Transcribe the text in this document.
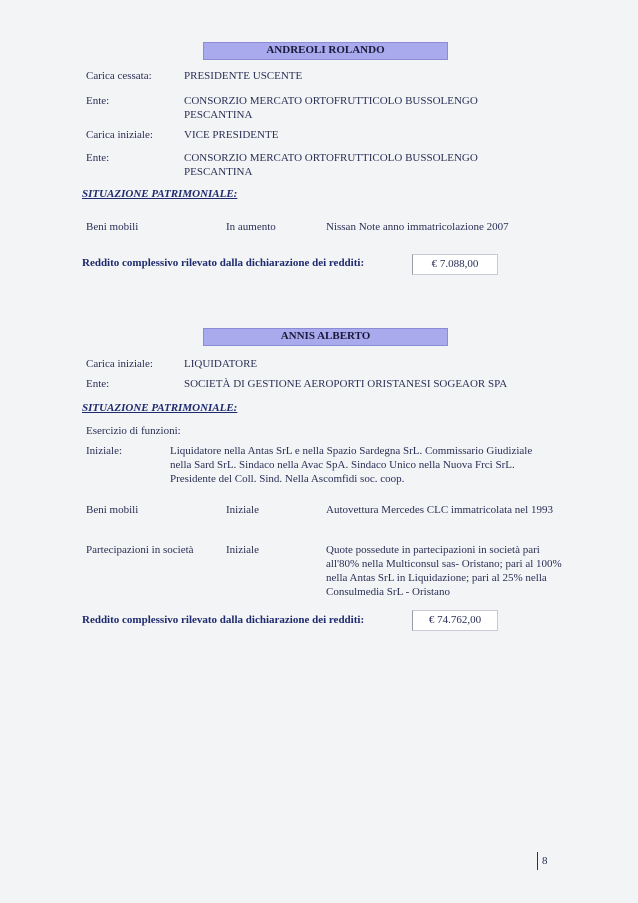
ANDREOLI ROLANDO
Carica cessata:	PRESIDENTE USCENTE
Ente:	CONSORZIO MERCATO ORTOFRUTTICOLO BUSSOLENGO PESCANTINA
Carica iniziale:	VICE PRESIDENTE
Ente:	CONSORZIO MERCATO ORTOFRUTTICOLO BUSSOLENGO PESCANTINA
SITUAZIONE PATRIMONIALE:
Beni mobili	In aumento	Nissan Note anno immatricolazione 2007
Reddito complessivo rilevato dalla dichiarazione dei redditi:	€ 7.088,00
ANNIS ALBERTO
Carica iniziale:	LIQUIDATORE
Ente:	SOCIETÀ DI GESTIONE AEROPORTI ORISTANESI SOGEAOR SPA
SITUAZIONE PATRIMONIALE:
Esercizio di funzioni:
Iniziale:	Liquidatore nella Antas SrL e nella Spazio Sardegna SrL. Commissario Giudiziale nella Sard SrL. Sindaco nella Avac SpA. Sindaco Unico nella Nuova Frci SrL. Presidente del Coll. Sind. Nella Ascomfidi soc. coop.
Beni mobili	Iniziale	Autovettura Mercedes CLC immatricolata nel 1993
Partecipazioni in società	Iniziale	Quote possedute in partecipazioni in società pari all'80% nella Multiconsul sas- Oristano; pari al 100% nella Antas SrL in Liquidazione; pari al 25% nella Consulmedia SrL - Oristano
Reddito complessivo rilevato dalla dichiarazione dei redditi:	€ 74.762,00
8
